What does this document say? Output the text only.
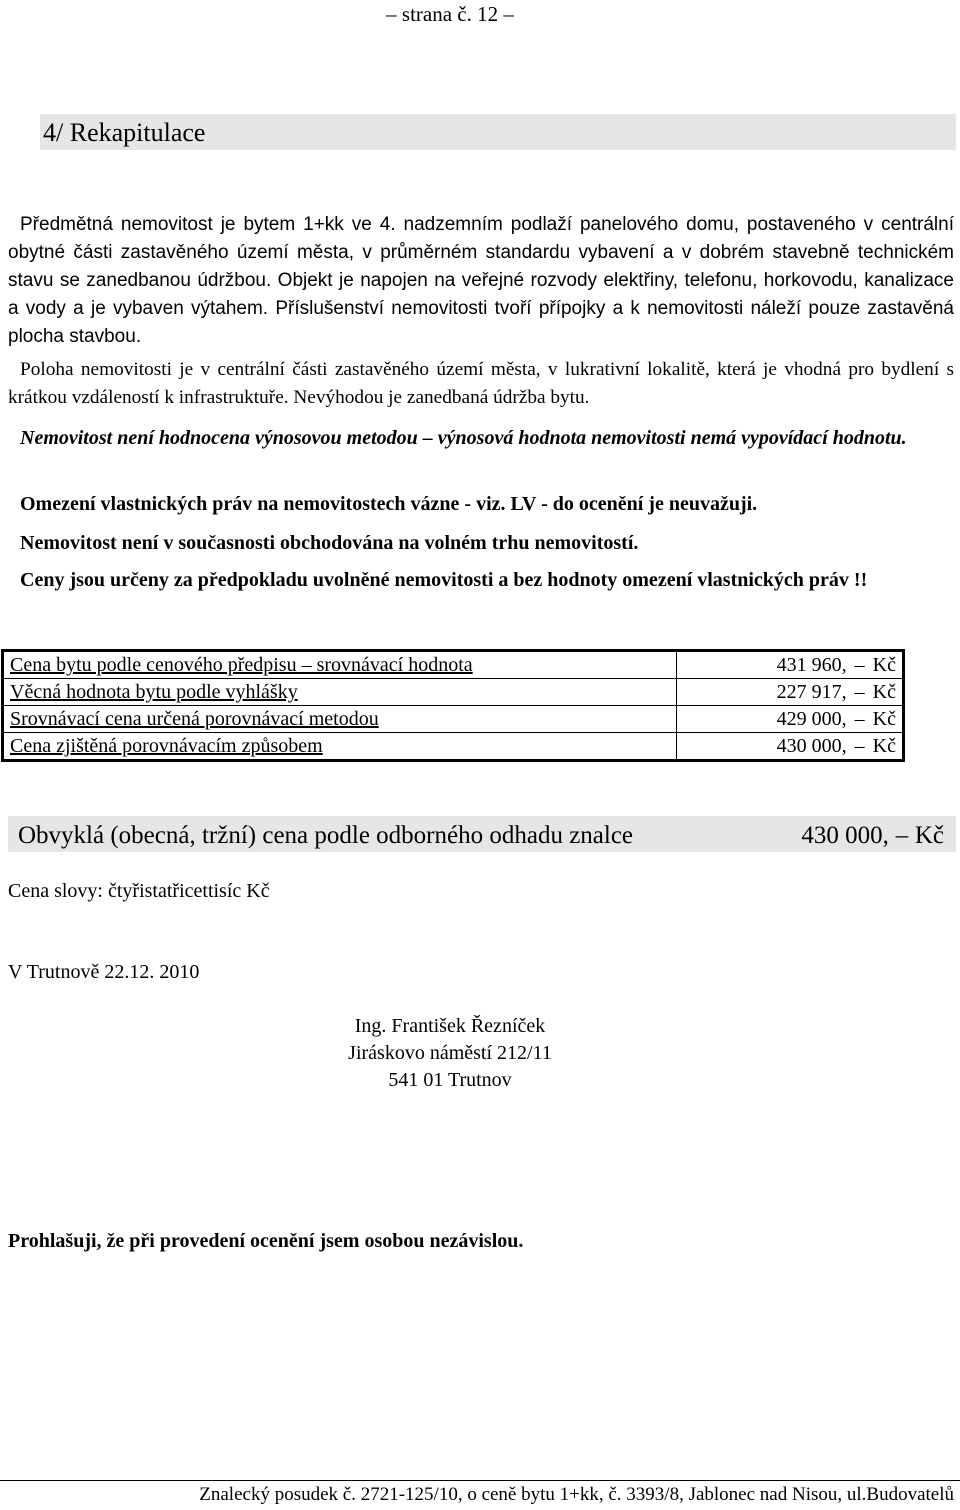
– strana č. 12 –
4/ Rekapitulace
Předmětná nemovitost je bytem 1+kk ve 4. nadzemním podlaží panelového domu, postaveného v centrální obytné části zastavěného území města, v průměrném standardu vybavení a v dobrém stavebně technickém stavu se zanedbanou údržbou. Objekt je napojen na veřejné rozvody elektřiny, telefonu, horkovodu, kanalizace a vody a je vybaven výtahem. Příslušenství nemovitosti tvoří přípojky a k nemovitosti náleží pouze zastavěná plocha stavbou.
Poloha nemovitosti je v centrální části zastavěného území města, v lukrativní lokalitě, která je vhodná pro bydlení s krátkou vzdáleností k infrastruktuře. Nevýhodou je zanedbaná údržba bytu.
Nemovitost není hodnocena výnosovou metodou – výnosová hodnota nemovitosti nemá vypovídací hodnotu.
Omezení vlastnických práv na nemovitostech vázne - viz. LV - do ocenění je neuvažuji.
Nemovitost není v současnosti obchodována na volném trhu nemovitostí.
Ceny jsou určeny za předpokladu uvolněné nemovitosti a bez hodnoty omezení vlastnických práv !!
Cena bytu podle cenového předpisu – srovnávací hodnota	431 960, – Kč
Věcná hodnota bytu podle vyhlášky	227 917, – Kč
Srovnávací cena určená porovnávací metodou	429 000, – Kč
Cena zjištěná porovnávacím způsobem	430 000, – Kč
Obvyklá (obecná, tržní) cena podle odborného odhadu znalce	430 000, – Kč
Cena slovy: čtyřistatřicettisíc Kč
V Trutnově 22.12. 2010
Ing. František Řezníček
Jiráskovo náměstí 212/11
541 01 Trutnov
Prohlašuji, že při provedení ocenění jsem osobou nezávislou.
Znalecký posudek č. 2721-125/10, o ceně bytu 1+kk, č. 3393/8, Jablonec nad Nisou, ul.Budovatelů
